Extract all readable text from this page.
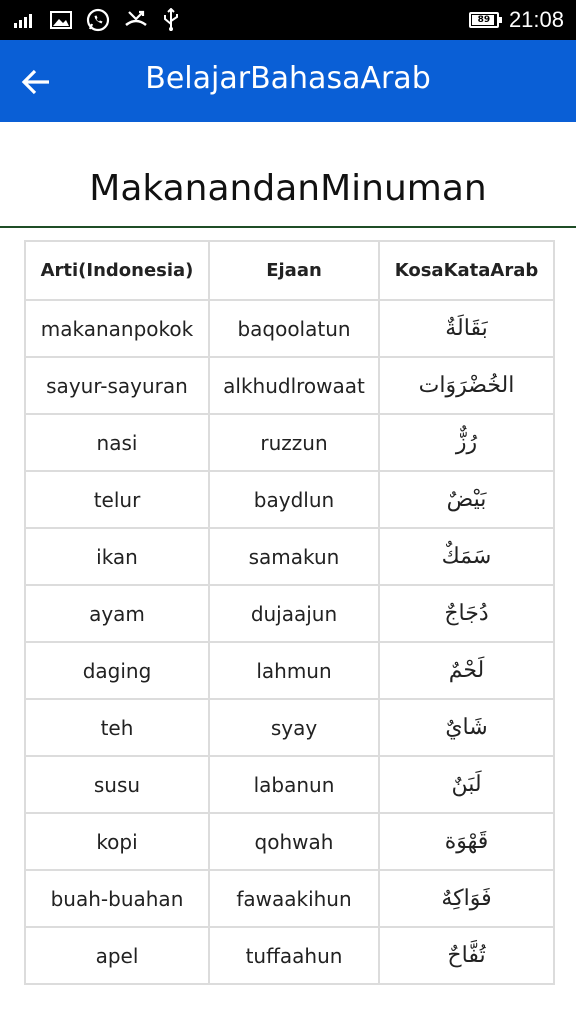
89 21:08
BelajarBahasaArab
MakanandanMinuman
Arti(Indonesia)	Ejaan	KosaKataArab
makananpokok	baqoolatun	بَقَالَةٌ
sayur-sayuran	alkhudlrowaat	الخُضْرَوَات
nasi	ruzzun	رُزٌّ
telur	baydlun	بَيْضٌ
ikan	samakun	سَمَكٌ
ayam	dujaajun	دُجَاجٌ
daging	lahmun	لَحْمٌ
teh	syay	شَايٌ
susu	labanun	لَبَنٌ
kopi	qohwah	قَهْوَة
buah-buahan	fawaakihun	فَوَاكِهٌ
apel	tuffaahun	تُفَّاحٌ
